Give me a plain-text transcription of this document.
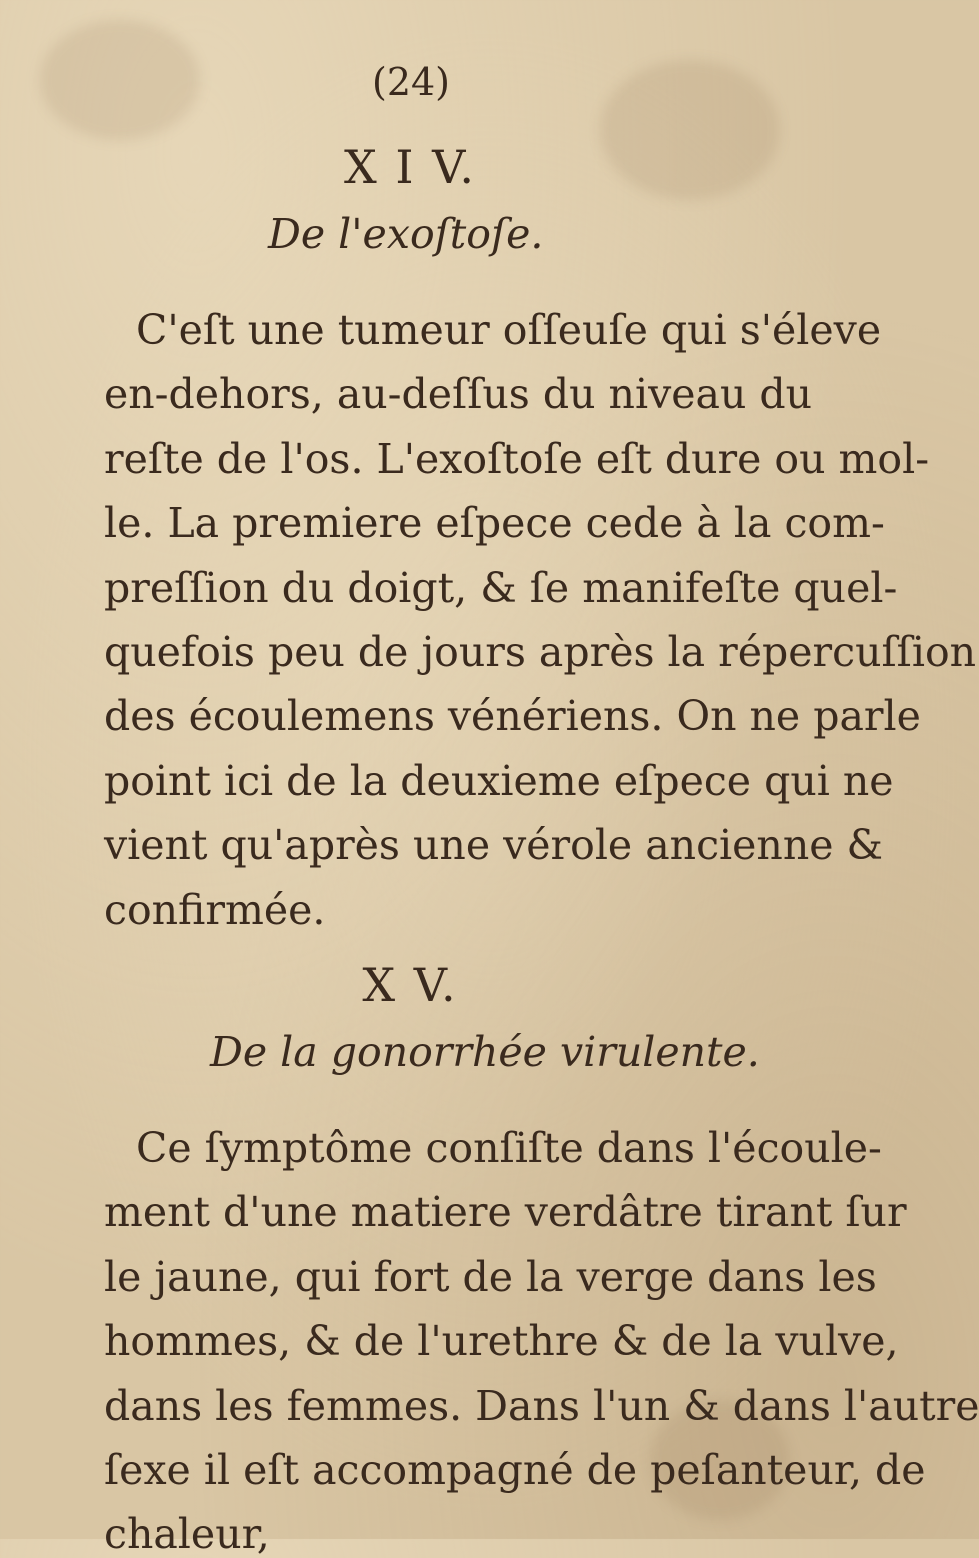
(24)
X I V.
De l'exoſtoſe.
C'eſt une tumeur oſſeuſe qui s'éleve
en-dehors, au-deſſus du niveau du
reſte de l'os. L'exoſtoſe eſt dure ou mol-
le. La premiere eſpece cede à la com-
preſſion du doigt, & ſe manifeſte quel-
quefois peu de jours après la répercuſſion
des écoulemens vénériens. On ne parle
point ici de la deuxieme eſpece qui ne
vient qu'après une vérole ancienne &
confirmée.
X V.
De la gonorrhée virulente.
Ce ſymptôme conſiſte dans l'écoule-
ment d'une matiere verdâtre tirant ſur
le jaune, qui fort de la verge dans les
hommes, & de l'urethre & de la vulve,
dans les femmes. Dans l'un & dans l'autre
ſexe il eſt accompagné de peſanteur, de
chaleur,
